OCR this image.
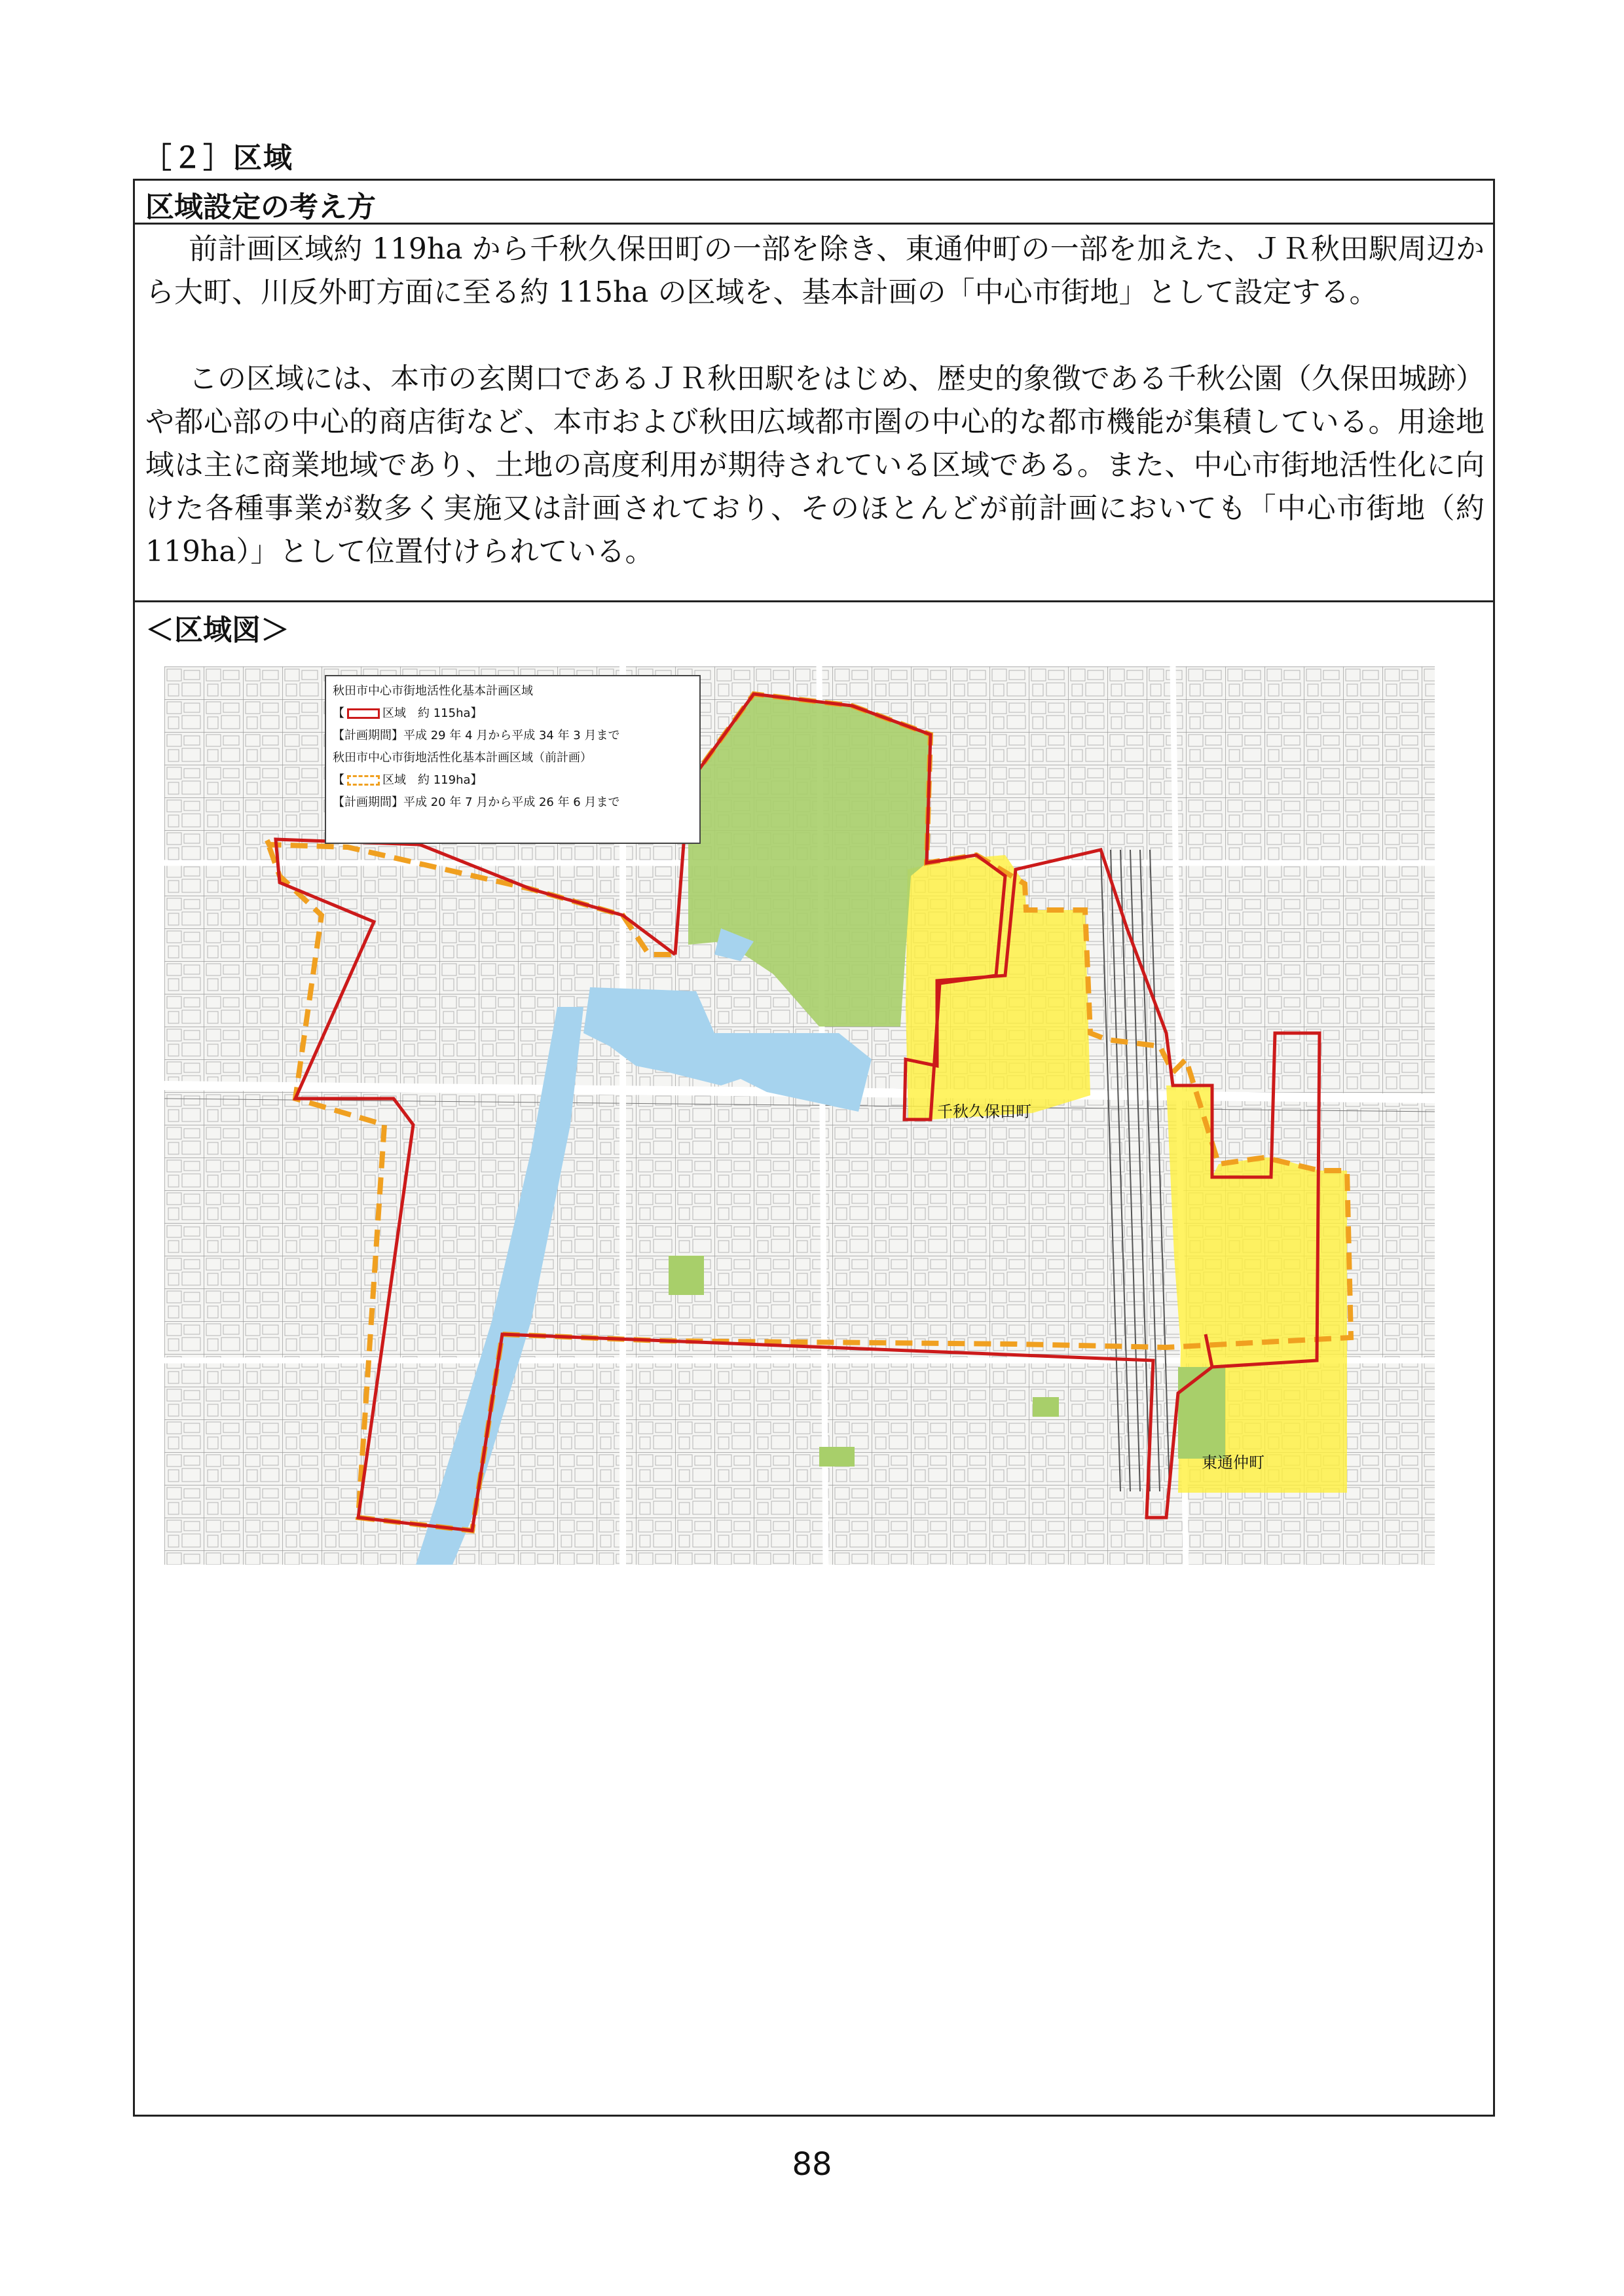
［２］区域
区域設定の考え方

前計画区域約 119ha から千秋久保田町の一部を除き、東通仲町の一部を加えた、ＪＲ秋田駅周辺から大町、川反外町方面に至る約 115ha の区域を、基本計画の「中心市街地」として設定する。

この区域には、本市の玄関口であるＪＲ秋田駅をはじめ、歴史的象徴である千秋公園（久保田城跡）や都心部の中心的商店街など、本市および秋田広域都市圏の中心的な都市機能が集積している。用途地域は主に商業地域であり、土地の高度利用が期待されている区域である。また、中心市街地活性化に向けた各種事業が数多く実施又は計画されており、そのほとんどが前計画においても「中心市街地（約 119ha）」として位置付けられている。

＜区域図＞
秋田市中心市街地活性化基本計画区域
【	区域　約 115ha】
【計画期間】平成 29 年 4 月から平成 34 年 3 月まで
秋田市中心市街地活性化基本計画区域（前計画）
【	区域　約 119ha】
【計画期間】平成 20 年 7 月から平成 26 年 6 月まで
千秋久保田町
東通仲町
88
